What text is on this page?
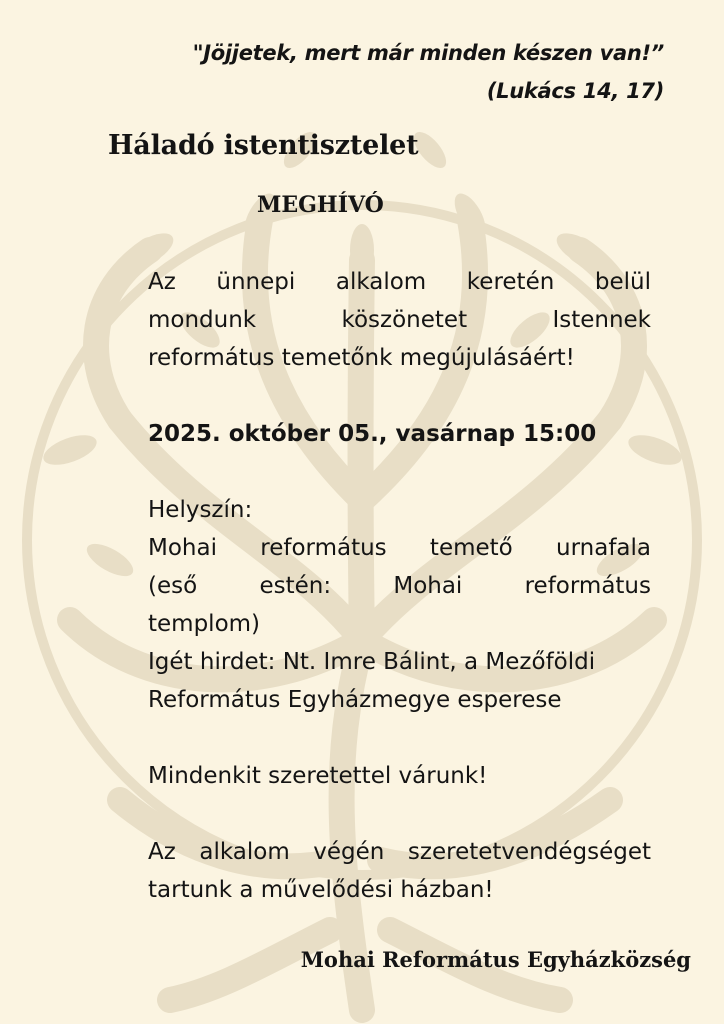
"Jöjjetek, mert már minden készen van!”
(Lukács 14, 17)
Háladó istentisztelet
MEGHÍVÓ

Az ünnepi alkalom keretén belül
mondunk köszönetet Istennek
református temetőnk megújulásáért!

2025. október 05., vasárnap 15:00

Helyszín:
Mohai református temető urnafala
(eső estén: Mohai református
templom)
Igét hirdet: Nt. Imre Bálint, a Mezőföldi
Református Egyházmegye esperese

Mindenkit szeretettel várunk!

Az alkalom végén szeretetvendégséget
tartunk a művelődési házban!

Mohai Református Egyházközség
